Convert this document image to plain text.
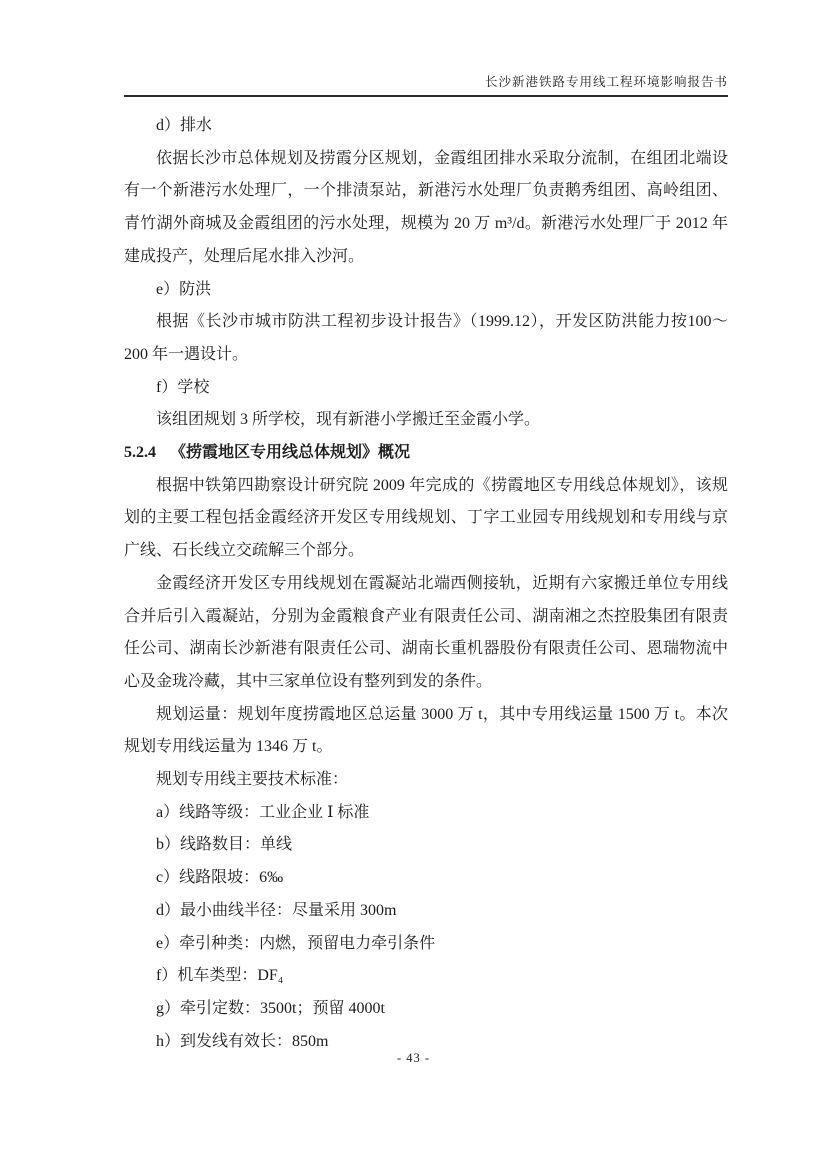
长沙新港铁路专用线工程环境影响报告书

d）排水

依据长沙市总体规划及捞霞分区规划，金霞组团排水采取分流制，在组团北端设有一个新港污水处理厂，一个排渍泵站，新港污水处理厂负责鹅秀组团、高岭组团、青竹湖外商城及金霞组团的污水处理，规模为 20 万 m³/d。新港污水处理厂于 2012 年建成投产，处理后尾水排入沙河。

e）防洪

根据《长沙市城市防洪工程初步设计报告》（1999.12），开发区防洪能力按100～200 年一遇设计。

f）学校

该组团规划 3 所学校，现有新港小学搬迁至金霞小学。

5.2.4 《捞霞地区专用线总体规划》概况

根据中铁第四勘察设计研究院 2009 年完成的《捞霞地区专用线总体规划》，该规划的主要工程包括金霞经济开发区专用线规划、丁字工业园专用线规划和专用线与京广线、石长线立交疏解三个部分。

金霞经济开发区专用线规划在霞凝站北端西侧接轨，近期有六家搬迁单位专用线合并后引入霞凝站，分别为金霞粮食产业有限责任公司、湖南湘之杰控股集团有限责任公司、湖南长沙新港有限责任公司、湖南长重机器股份有限责任公司、恩瑞物流中心及金珑冷藏，其中三家单位设有整列到发的条件。

规划运量：规划年度捞霞地区总运量 3000 万 t，其中专用线运量 1500 万 t。本次规划专用线运量为 1346 万 t。

规划专用线主要技术标准：

a）线路等级：工业企业 Ⅰ 标准

b）线路数目：单线

c）线路限坡：6‰

d）最小曲线半径：尽量采用 300m

e）牵引种类：内燃，预留电力牵引条件

f）机车类型：DF₄

g）牵引定数：3500t；预留 4000t

h）到发线有效长：850m

- 43 -
